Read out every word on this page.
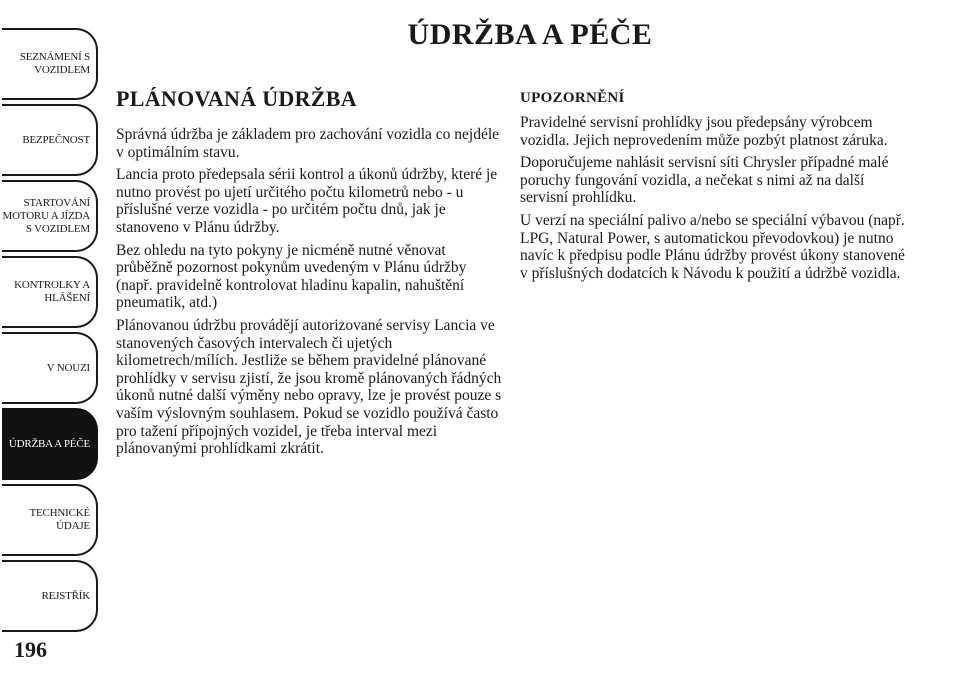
ÚDRŽBA A PÉČE
SEZNÁMENÍ S
VOZIDLEM
BEZPEČNOST
STARTOVÁNÍ
MOTORU A JÍZDA
S VOZIDLEM
KONTROLKY A
HLÁŠENÍ
V NOUZI
ÚDRŽBA A PÉČE
TECHNICKÉ
ÚDAJE
REJSTŘÍK
196
PLÁNOVANÁ ÚDRŽBA

Správná údržba je základem pro zachování vozidla co nejdéle v optimálním stavu.

Lancia proto předepsala sérii kontrol a úkonů údržby, které je nutno provést po ujetí určitého počtu kilometrů nebo - u příslušné verze vozidla - po určitém počtu dnů, jak je stanoveno v Plánu údržby.

Bez ohledu na tyto pokyny je nicméně nutné věnovat průběžně pozornost pokynům uvedeným v Plánu údržby (např. pravidelně kontrolovat hladinu kapalin, nahuštění pneumatik, atd.)

Plánovanou údržbu provádějí autorizované servisy Lancia ve stanovených časových intervalech či ujetých kilometrech/mílích. Jestliže se během pravidelné plánované prohlídky v servisu zjistí, že jsou kromě plánovaných řádných úkonů nutné další výměny nebo opravy, lze je provést pouze s vaším výslovným souhlasem. Pokud se vozidlo používá často pro tažení přípojných vozidel, je třeba interval mezi plánovanými prohlídkami zkrátit.

UPOZORNĚNÍ

Pravidelné servisní prohlídky jsou předepsány výrobcem vozidla. Jejich neprovedením může pozbýt platnost záruka.

Doporučujeme nahlásit servisní síti Chrysler případné malé poruchy fungování vozidla, a nečekat s nimi až na další servisní prohlídku.

U verzí na speciální palivo a/nebo se speciální výbavou (např. LPG, Natural Power, s automatickou převodovkou) je nutno navíc k předpisu podle Plánu údržby provést úkony stanovené v příslušných dodatcích k Návodu k použití a údržbě vozidla.
